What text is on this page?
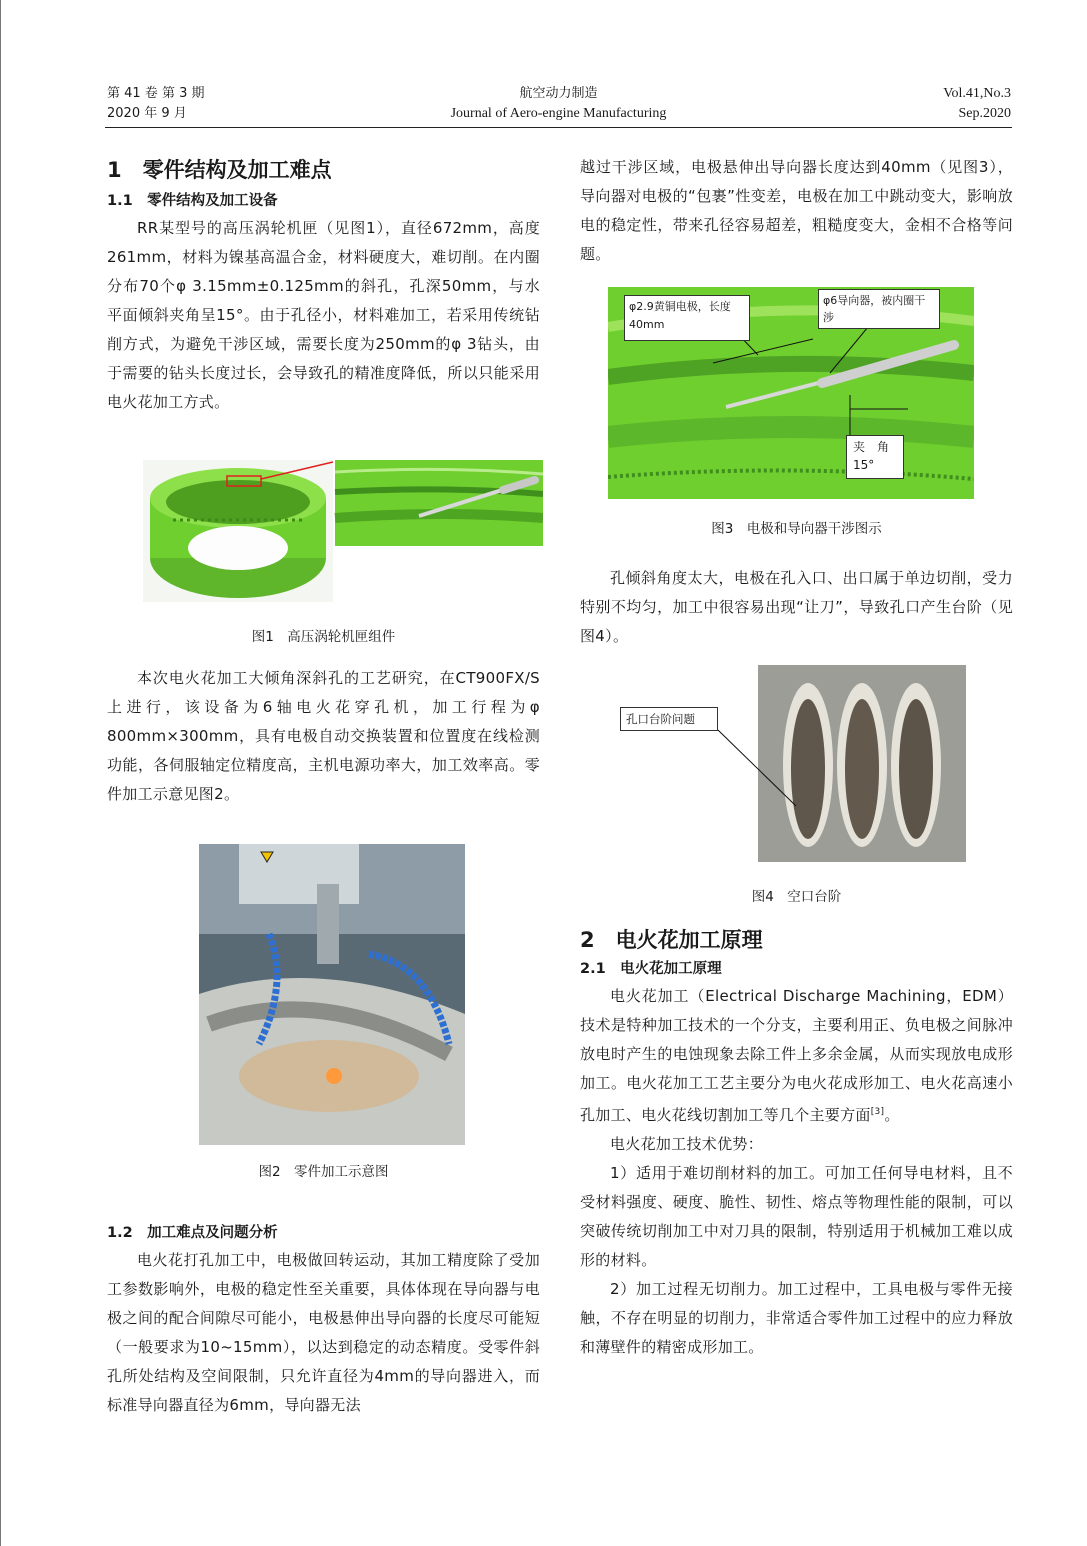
第 41 卷 第 3 期
2020 年 9 月
航空动力制造
Journal of Aero-engine Manufacturing
Vol.41,No.3
Sep.2020
1　零件结构及加工难点
1.1　零件结构及加工设备

RR某型号的高压涡轮机匣（见图1），直径672mm，高度261mm，材料为镍基高温合金，材料硬度大，难切削。在内圈分布70个φ 3.15mm±0.125mm的斜孔，孔深50mm，与水平面倾斜夹角呈15°。由于孔径小，材料难加工，若采用传统钻削方式，为避免干涉区域，需要长度为250mm的φ 3钻头，由于需要的钻头长度过长，会导致孔的精准度降低，所以只能采用电火花加工方式。

图1　高压涡轮机匣组件

本次电火花加工大倾角深斜孔的工艺研究，在CT900FX/S上进行，该设备为6轴电火花穿孔机，加工行程为φ 800mm×300mm，具有电极自动交换装置和位置度在线检测功能，各伺服轴定位精度高，主机电源功率大，加工效率高。零件加工示意见图2。

图2　零件加工示意图

1.2　加工难点及问题分析

电火花打孔加工中，电极做回转运动，其加工精度除了受加工参数影响外，电极的稳定性至关重要，具体体现在导向器与电极之间的配合间隙尽可能小，电极悬伸出导向器的长度尽可能短（一般要求为10~15mm），以达到稳定的动态精度。受零件斜孔所处结构及空间限制，只允许直径为4mm的导向器进入，而标准导向器直径为6mm，导向器无法

越过干涉区域，电极悬伸出导向器长度达到40mm（见图3），导向器对电极的“包裹”性变差，电极在加工中跳动变大，影响放电的稳定性，带来孔径容易超差，粗糙度变大，金相不合格等问题。

φ2.9黄铜电极，长度40mm
φ6导向器，被内圈干涉
夹　角
15°

图3　电极和导向器干涉图示

孔倾斜角度太大，电极在孔入口、出口属于单边切削，受力特别不均匀，加工中很容易出现“让刀”，导致孔口产生台阶（见图4）。

孔口台阶问题

图4　空口台阶

2　电火花加工原理
2.1　电火花加工原理

电火花加工（Electrical Discharge Machining，EDM）技术是特种加工技术的一个分支，主要利用正、负电极之间脉冲放电时产生的电蚀现象去除工件上多余金属，从而实现放电成形加工。电火花加工工艺主要分为电火花成形加工、电火花高速小孔加工、电火花线切割加工等几个主要方面[3]。

电火花加工技术优势：

1）适用于难切削材料的加工。可加工任何导电材料，且不受材料强度、硬度、脆性、韧性、熔点等物理性能的限制，可以突破传统切削加工中对刀具的限制，特别适用于机械加工难以成形的材料。

2）加工过程无切削力。加工过程中，工具电极与零件无接触，不存在明显的切削力，非常适合零件加工过程中的应力释放和薄壁件的精密成形加工。
